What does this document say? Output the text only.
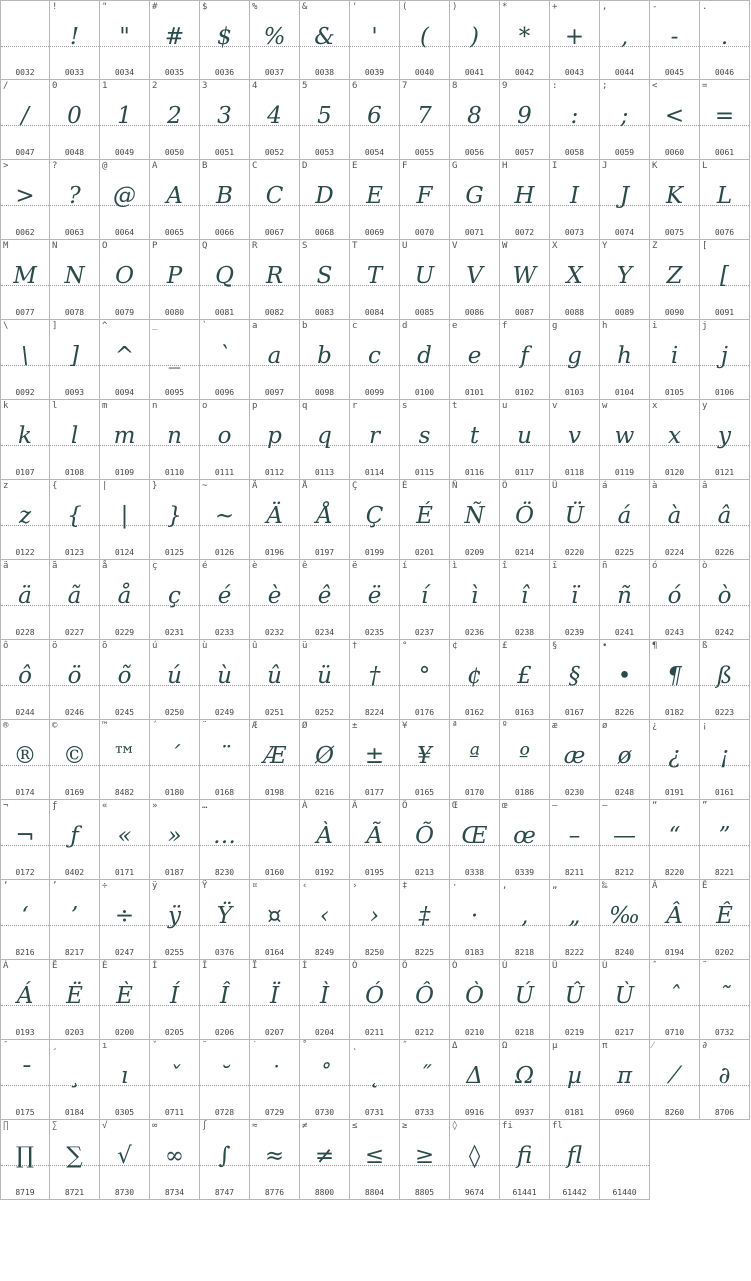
0032
!
!
0033
"
"
0034
#
#
0035
$
$
0036
%
%
0037
&
&
0038
'
'
0039
(
(
0040
)
)
0041
*
*
0042
+
+
0043
,
,
0044
-
-
0045
.
.
0046
/
/
0047
0
0
0048
1
1
0049
2
2
0050
3
3
0051
4
4
0052
5
5
0053
6
6
0054
7
7
0055
8
8
0056
9
9
0057
:
:
0058
;
;
0059
<
<
0060
=
=
0061
>
>
0062
?
?
0063
@
@
0064
A
A
0065
B
B
0066
C
C
0067
D
D
0068
E
E
0069
F
F
0070
G
G
0071
H
H
0072
I
I
0073
J
J
0074
K
K
0075
L
L
0076
M
M
0077
N
N
0078
O
O
0079
P
P
0080
Q
Q
0081
R
R
0082
S
S
0083
T
T
0084
U
U
0085
V
V
0086
W
W
0087
X
X
0088
Y
Y
0089
Z
Z
0090
[
[
0091
\
\
0092
]
]
0093
^
^
0094
_
_
0095
`
`
0096
a
a
0097
b
b
0098
c
c
0099
d
d
0100
e
e
0101
f
f
0102
g
g
0103
h
h
0104
i
i
0105
j
j
0106
k
k
0107
l
l
0108
m
m
0109
n
n
0110
o
o
0111
p
p
0112
q
q
0113
r
r
0114
s
s
0115
t
t
0116
u
u
0117
v
v
0118
w
w
0119
x
x
0120
y
y
0121
z
z
0122
{
{
0123
|
|
0124
}
}
0125
~
~
0126
Ä
Ä
0196
Å
Å
0197
Ç
Ç
0199
É
É
0201
Ñ
Ñ
0209
Ö
Ö
0214
Ü
Ü
0220
á
á
0225
à
à
0224
â
â
0226
ä
ä
0228
ã
ã
0227
å
å
0229
ç
ç
0231
é
é
0233
è
è
0232
ê
ê
0234
ë
ë
0235
í
í
0237
ì
ì
0236
î
î
0238
ï
ï
0239
ñ
ñ
0241
ó
ó
0243
ò
ò
0242
ô
ô
0244
ö
ö
0246
õ
õ
0245
ú
ú
0250
ù
ù
0249
û
û
0251
ü
ü
0252
†
†
8224
°
°
0176
¢
¢
0162
£
£
0163
§
§
0167
•
•
8226
¶
¶
0182
ß
ß
0223
®
®
0174
©
©
0169
™
™
8482
´
´
0180
¨
¨
0168
Æ
Æ
0198
Ø
Ø
0216
±
±
0177
¥
¥
0165
ª
ª
0170
º
º
0186
æ
æ
0230
ø
ø
0248
¿
¿
0191
¡
¡
0161
¬
¬
0172
ƒ
ƒ
0402
«
«
0171
»
»
0187
…
…
8230	0160
À
À
0192
Ã
Ã
0195
Õ
Õ
0213
Œ
Œ
0338
œ
œ
0339
–
–
8211
—
—
8212
“
“
8220
”
”
8221
‘
‘
8216
’
’
8217
÷
÷
0247
ÿ
ÿ
0255
Ÿ
Ÿ
0376
¤
¤
0164
‹
‹
8249
›
›
8250
‡
‡
8225
·
·
0183
‚
‚
8218
„
„
8222
‰
‰
8240
Â
Â
0194
Ê
Ê
0202
Á
Á
0193
Ë
Ë
0203
È
È
0200
Í
Í
0205
Î
Î
0206
Ï
Ï
0207
Ì
Ì
0204
Ó
Ó
0211
Ô
Ô
0212
Ò
Ò
0210
Ú
Ú
0218
Û
Û
0219
Ù
Ù
0217
ˆ
ˆ
0710
˜
˜
0732
¯
¯
0175
¸
¸
0184
ı
ı
0305
ˇ
ˇ
0711
˘
˘
0728
˙
˙
0729
˚
˚
0730
˛
˛
0731
˝
˝
0733
Δ
Δ
0916
Ω
Ω
0937
µ
µ
0181
π
π
0960
⁄
⁄
8260
∂
∂
8706
∏
∏
8719
∑
∑
8721
√
√
8730
∞
∞
8734
∫
∫
8747
≈
≈
8776
≠
≠
8800
≤
≤
8804
≥
≥
8805
◊
◊
9674
fi
fi
61441
fl
fl
61442	61440
